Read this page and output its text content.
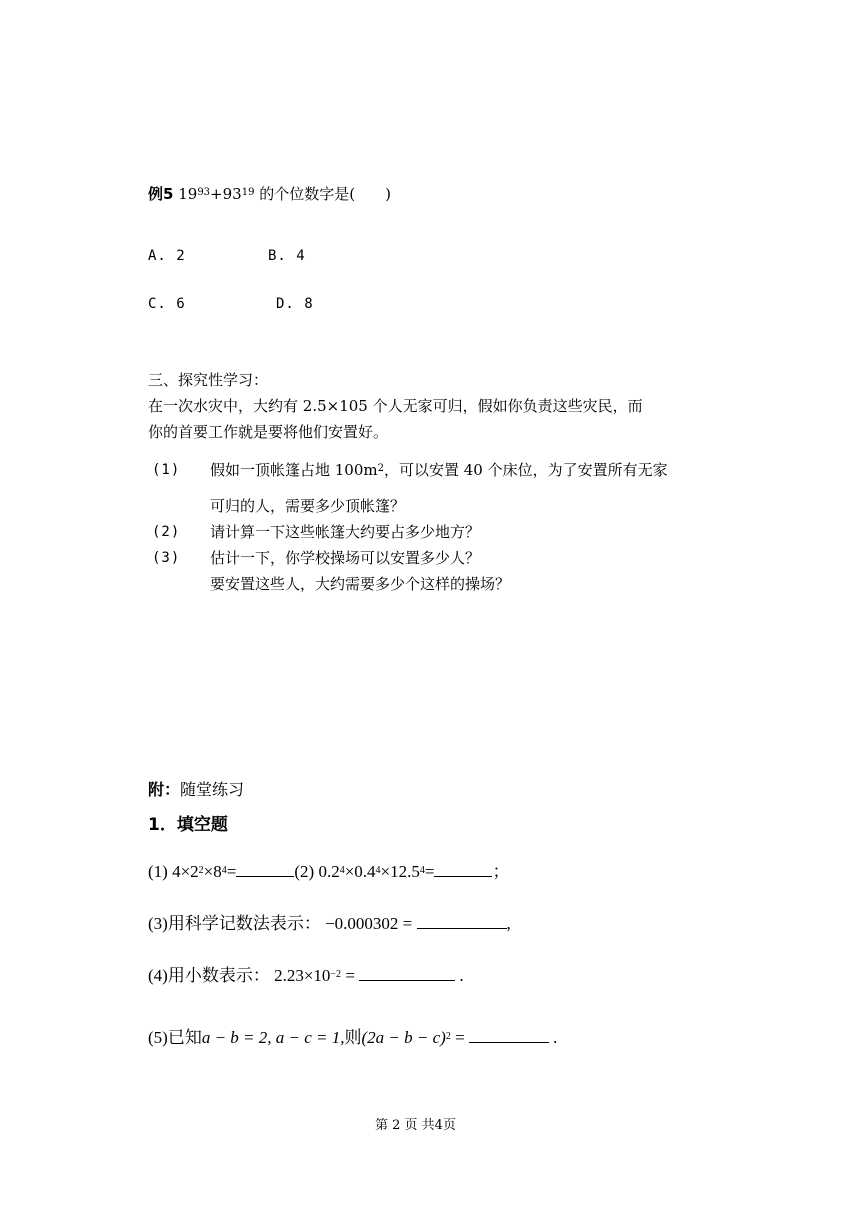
例5 $19^{93}+93^{19}$ 的个位数字是(　　)
A. 2	B. 4
C. 6	D. 8
三、探究性学习：
在一次水灾中，大约有 2.5×105 个人无家可归，假如你负责这些灾民，而
你的首要工作就是要将他们安置好。
(1) 假如一顶帐篷占地 $100m^2$，可以安置 40 个床位，为了安置所有无家
可归的人，需要多少顶帐篷？
(2) 请计算一下这些帐篷大约要占多少地方？
(3) 估计一下，你学校操场可以安置多少人？
要安置这些人，大约需要多少个这样的操场？
附：随堂练习
1．填空题
(1) $4\times 2^2\times 8^4=$	(2) $0.2^4\times 0.4^4\times 12.5^4=$	；
(3)用科学记数法表示： −0.000302 =	,
(4)用小数表示： $2.23\times 10^{-2}$ =	.
(5)已知a − b = 2, a − c = 1,则$(2a - b - c)^2$ =	.
第 2 页 共4页
